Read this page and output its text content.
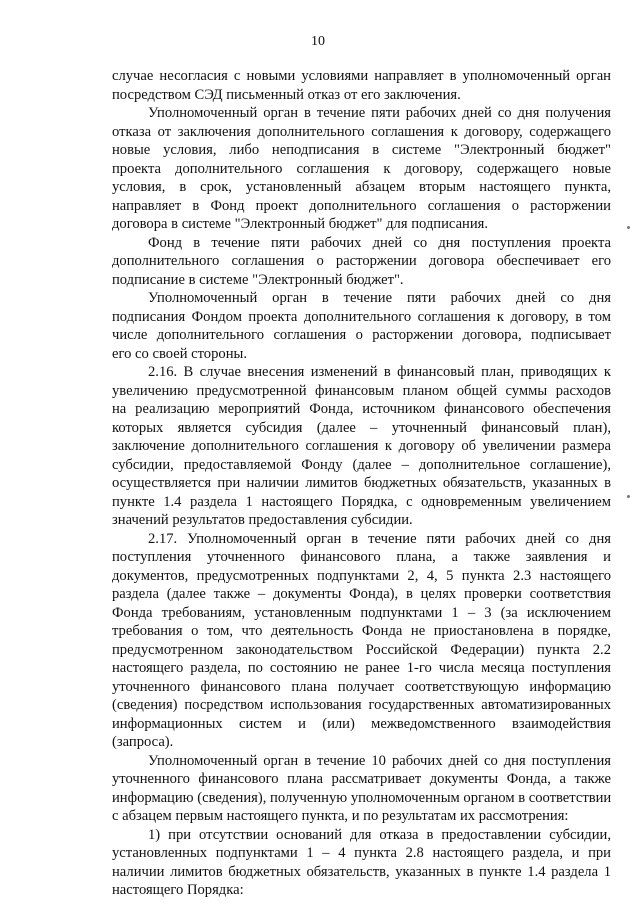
10
случае несогласия с новыми условиями направляет в уполномоченный орган
посредством СЭД письменный отказ от его заключения.
Уполномоченный орган в течение пяти рабочих дней со дня получения
отказа от заключения дополнительного соглашения к договору, содержащего
новые условия, либо неподписания в системе "Электронный бюджет"
проекта дополнительного соглашения к договору, содержащего новые
условия, в срок, установленный абзацем вторым настоящего пункта,
направляет в Фонд проект дополнительного соглашения о расторжении
договора в системе "Электронный бюджет" для подписания.
Фонд в течение пяти рабочих дней со дня поступления проекта
дополнительного соглашения о расторжении договора обеспечивает его
подписание в системе "Электронный бюджет".
Уполномоченный орган в течение пяти рабочих дней со дня
подписания Фондом проекта дополнительного соглашения к договору, в том
числе дополнительного соглашения о расторжении договора, подписывает
его со своей стороны.
2.16. В случае внесения изменений в финансовый план, приводящих к
увеличению предусмотренной финансовым планом общей суммы расходов
на реализацию мероприятий Фонда, источником финансового обеспечения
которых является субсидия (далее – уточненный финансовый план),
заключение дополнительного соглашения к договору об увеличении размера
субсидии, предоставляемой Фонду (далее – дополнительное соглашение),
осуществляется при наличии лимитов бюджетных обязательств, указанных в
пункте 1.4 раздела 1 настоящего Порядка, с одновременным увеличением
значений результатов предоставления субсидии.
2.17. Уполномоченный орган в течение пяти рабочих дней со дня
поступления уточненного финансового плана, а также заявления и
документов, предусмотренных подпунктами 2, 4, 5 пункта 2.3 настоящего
раздела (далее также – документы Фонда), в целях проверки соответствия
Фонда требованиям, установленным подпунктами 1 – 3 (за исключением
требования о том, что деятельность Фонда не приостановлена в порядке,
предусмотренном законодательством Российской Федерации) пункта 2.2
настоящего раздела, по состоянию не ранее 1-го числа месяца поступления
уточненного финансового плана получает соответствующую информацию
(сведения) посредством использования государственных автоматизированных
информационных систем и (или) межведомственного взаимодействия
(запроса).
Уполномоченный орган в течение 10 рабочих дней со дня поступления
уточненного финансового плана рассматривает документы Фонда, а также
информацию (сведения), полученную уполномоченным органом в соответствии
с абзацем первым настоящего пункта, и по результатам их рассмотрения:
1) при отсутствии оснований для отказа в предоставлении субсидии,
установленных подпунктами 1 – 4 пункта 2.8 настоящего раздела, и при
наличии лимитов бюджетных обязательств, указанных в пункте 1.4 раздела 1
настоящего Порядка:
